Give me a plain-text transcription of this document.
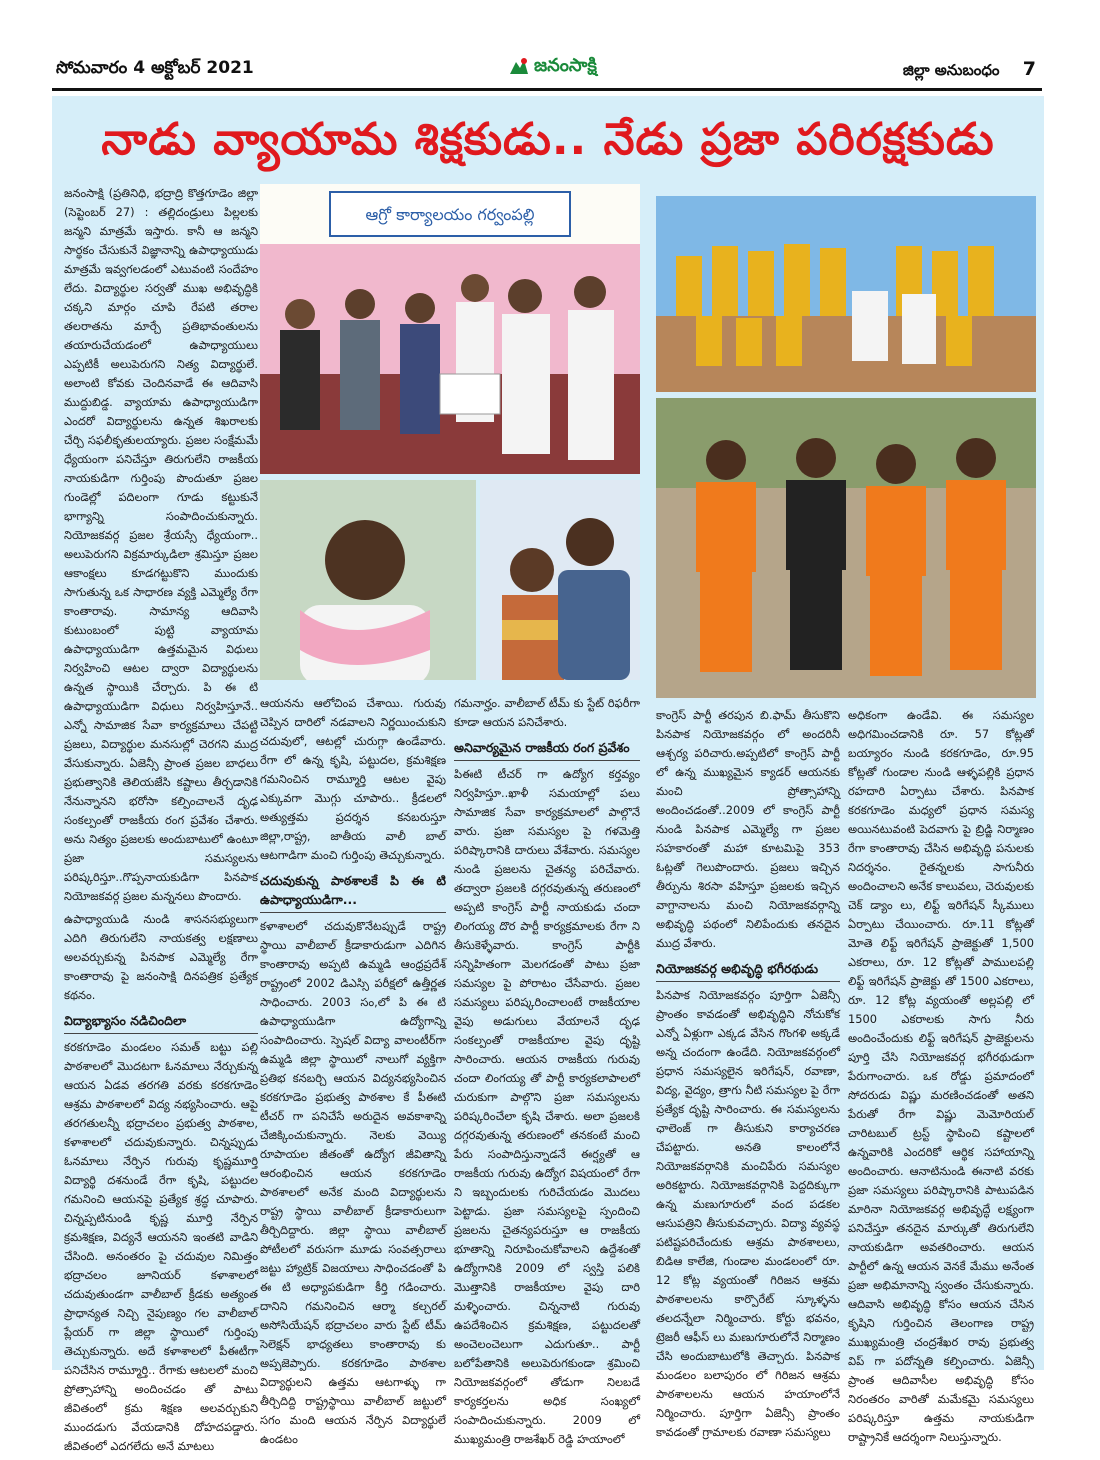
సోమవారం 4 అక్టోబర్ 2021	జనంసాక్షి	జిల్లా అనుబంధం 7
నాడు వ్యాయామ శిక్షకుడు.. నేడు ప్రజా పరిరక్షకుడు

జనంసాక్షి (ప్రతినిధి, భద్రాద్రి కొత్తగూడెం జిల్లా (సెప్టెంబర్ 27) : తల్లిదండ్రులు పిల్లలకు జన్మని మాత్రమే ఇస్తారు. కానీ ఆ జన్మని సార్థకం చేసుకునే విజ్ఞానాన్ని ఉపాధ్యాయుడు మాత్రమే ఇవ్వగలడంలో ఎటువంటి సందేహం లేదు. విద్యార్థుల సర్వతో ముఖ అభివృద్ధికి చక్కని మార్గం చూపి రేపటి తరాల తలరాతను మార్చే ప్రతిభావంతులను తయారుచేయడంలో ఉపాధ్యాయులు ఎప్పటికీ అలుపెరుగని నిత్య విద్యార్థులే. అలాంటి కోవకు చెందినవాడే ఈ ఆదివాసి ముద్దుబిడ్డ. వ్యాయామ ఉపాధ్యాయుడిగా ఎందరో విద్యార్థులను ఉన్నత శిఖరాలకు చేర్చి సఫలీకృతులయ్యారు. ప్రజల సంక్షేమమే ధ్యేయంగా పనిచేస్తూ తిరుగులేని రాజకీయ నాయకుడిగా గుర్తింపు పొందుతూ ప్రజల గుండెల్లో పదిలంగా గూడు కట్టుకునే భాగ్యాన్ని సంపాదించుకున్నారు. నియోజకవర్గ ప్రజల శ్రేయస్సే ధ్యేయంగా.. అలుపెరుగని విక్రమార్కుడిలా శ్రమిస్తూ ప్రజల ఆకాంక్షలు కూడగట్టుకొని ముందుకు సాగుతున్న ఒక సాధారణ వ్యక్తి ఎమ్మెల్యే రేగా కాంతారావు. సామాన్య ఆదివాసి కుటుంబంలో పుట్టి వ్యాయామ ఉపాధ్యాయుడిగా ఉత్తమమైన విధులు నిర్వహించి ఆటల ద్వారా విద్యార్థులను ఉన్నత స్థాయికి చేర్చారు. పి ఈ టి ఉపాధ్యాయుడిగా విధులు నిర్వహిస్తూనే.. ఎన్నో సామాజిక సేవా కార్యక్రమాలు చేపట్టి ప్రజలు, విద్యార్థుల మనసుల్లో చెరగని ముద్ర వేసుకున్నారు. ఏజెన్సీ ప్రాంత ప్రజల బాధలు ప్రభుత్వానికి తెలియజేసి కష్టాలు తీర్చడానికి నేనున్నానని భరోసా కల్పించాలనే దృఢ సంకల్పంతో రాజకీయ రంగ ప్రవేశం చేశారు. అను నిత్యం ప్రజలకు అందుబాటులో ఉంటూ ప్రజా సమస్యలను పరిష్కరిస్తూ..గొప్పనాయకుడిగా పినపాక నియోజకవర్గ ప్రజల మన్ననలు పొందారు.

ఉపాధ్యాయుడి నుండి శాసనసభ్యులుగా ఎదిగి తిరుగులేని నాయకత్వ లక్షణాలు అలవర్చుకున్న పినపాక ఎమ్మెల్యే రేగా కాంతారావు పై జనంసాక్షి దినపత్రిక ప్రత్యేక కథనం.

విద్యాభ్యాసం నడిచిందిలా

కరకగూడెం మండలం సమత్ బట్టు పల్లి పాఠశాలలో మొదటగా ఓనమాలు నేర్చుకున్న ఆయన ఏడవ తరగతి వరకు కరకగూడెం ఆశ్రమ పాఠశాలలో విద్య నభ్యసించారు. ఆపై తరగతులన్నీ భద్రాచలం ప్రభుత్వ పాఠశాల, కళాశాలలో చదువుకున్నారు. చిన్నప్పుడు ఓనమాలు నేర్పిన గురువు కృష్ణమూర్తి విద్యార్థి దశనుండే రేగా కృషి, పట్టుదల గమనించి ఆయనపై ప్రత్యేక శ్రద్ధ చూపారు. చిన్నప్పటినుండి కృష్ణ మూర్తి నేర్పిన క్రమశిక్షణ, విద్యనే ఆయనని ఇంతటి వాడిని చేసింది. అనంతరం పై చదువుల నిమిత్తం భద్రాచలం జూనియర్ కళాశాలలో చదువుతుండగా వాలీబాల్ క్రీడకు అత్యంత ప్రాధాన్యత నిచ్చి నైపుణ్యం గల వాలీబాల్ ప్లేయర్ గా జిల్లా స్థాయిలో గుర్తింపు తెచ్చుకున్నారు. అదే కళాశాలలో పీఈటీగా పనిచేసిన రామ్మూర్తి.. రేగాకు ఆటలలో మంచి ప్రోత్సాహాన్ని అందించడం తో పాటు జీవితంలో క్రమ శిక్షణ అలవర్చుకుని ముందడుగు వేయడానికి దోహదపడ్డారు. జీవితంలో ఎదగలేదు అనే మాటలు

ఆగ్రో కార్యాలయం గర్వంపల్లి

ఆయనను ఆలోచింప చేశాయి. గురువు చెప్పిన దారిలో నడవాలని నిర్ణయించుకుని చదువులో, ఆటల్లో చురుగ్గా ఉండేవారు. రేగా లో ఉన్న కృషి, పట్టుదల, క్రమశిక్షణ గమనించిన రామ్మూర్తి ఆటల వైపు ఎక్కువగా మొగ్గు చూపారు.. క్రీడలలో అత్యుత్తమ ప్రదర్శన కనబరుస్తూ జిల్లా,రాష్ట్ర, జాతీయ వాలీ బాల్ ఆటగాడిగా మంచి గుర్తింపు తెచ్చుకున్నారు.

చదువుకున్న పాఠశాలకే పి ఈ టి ఉపాధ్యాయుడిగా...

కళాశాలలో చదువుకొనేటప్పుడే రాష్ట్ర స్థాయి వాలీబాల్ క్రీడాకారుడుగా ఎదిగిన కాంతారావు అప్పటి ఉమ్మడి ఆంధ్రప్రదేశ్ రాష్ట్రంలో 2002 డిఎస్సి పరీక్షలో ఉత్తీర్ణత సాధించారు. 2003 సం,లో పి ఈ టి ఉపాధ్యాయుడిగా ఉద్యోగాన్ని సంపాదించారు. స్పెషల్ విద్యా వాలంటీర్‌గా ఉమ్మడి జిల్లా స్థాయిలో నాలుగో వ్యక్తిగా ప్రతిభ కనబర్చి ఆయన విద్యనభ్యసించిన కరకగూడెం ప్రభుత్వ పాఠశాల కే పీఈటి టీచర్ గా పనిచేసే అరుదైన అవకాశాన్ని చేజిక్కించుకున్నారు. నెలకు వెయ్యి రూపాయల జీతంతో ఉద్యోగ జీవితాన్ని ఆరంభించిన ఆయన కరకగూడెం పాఠశాలలో అనేక మంది విద్యార్థులను రాష్ట్ర స్థాయి వాలీబాల్ క్రీడాకారులుగా తీర్చిదిద్దారు. జిల్లా స్థాయి వాలీబాల్ పోటీలలో వరుసగా మూడు సంవత్సరాలు జట్టు హ్యాట్రిక్ విజయాలు సాధించడంతో పి ఈ టి అధ్యాపకుడిగా కీర్తి గడించారు. దానిని గమనించిన ఆర్మా కల్చరల్ అసోసియేషన్ భద్రాచలం వారు స్టేట్ టీమ్ సెలెక్షన్ భాధ్యతలు కాంతారావు కు అప్పజెప్పారు. కరకగూడెం పాఠశాల విద్యార్థులని ఉత్తమ ఆటగాళ్ళు గా తీర్చిదిద్ది రాష్ట్రస్థాయి వాలీబాల్ జట్టులో సగం మంది ఆయన నేర్పిన విద్యార్థులే ఉండటం

గమనార్హం. వాలీబాల్ టీమ్ కు స్టేట్ రిఫరీగా కూడా ఆయన పనిచేశారు.

అనివార్యమైన రాజకీయ రంగ ప్రవేశం

పిఈటి టీచర్ గా ఉద్యోగ కర్తవ్యం నిర్వహిస్తూ..ఖాళీ సమయాల్లో పలు సామాజిక సేవా కార్యక్రమాలలో పాల్గొనే వారు. ప్రజా సమస్యల పై గళమెత్తి పరిష్కారానికి దారులు వేశేవారు. సమస్యల నుండి ప్రజలను చైతన్య పరిచేవారు. తద్వారా ప్రజలకి దగ్గరవుతున్న తరుణంలో అప్పటి కాంగ్రెస్ పార్టీ నాయకుడు చందా లింగయ్య దొర పార్టీ కార్యక్రమాలకు రేగా ని తీసుకెళ్ళేవారు. కాంగ్రెస్ పార్టీకి సన్నిహితంగా మెలగడంతో పాటు ప్రజా సమస్యల పై పోరాటం చేసేవారు. ప్రజల సమస్యలు పరిష్కరించాలంటే రాజకీయాల వైపు అడుగులు వేయాలనే దృఢ సంకల్పంతో రాజకీయాల వైపు దృష్టి సారించారు. ఆయన రాజకీయ గురువు చందా లింగయ్య తో పార్టీ కార్యకలాపాలలో చురుకుగా పాల్గొని ప్రజా సమస్యలను పరిష్కరించేలా కృషి చేశారు. అలా ప్రజలకి దగ్గరవుతున్న తరుణంలో తనకంటే మంచి పేరు సంపాదిస్తున్నాడనే ఈర్ష్యతో ఆ రాజకీయ గురువు ఉద్యోగ విషయంలో రేగా ని ఇబ్బందులకు గురిచేయడం మొదలు పెట్టాడు. ప్రజా సమస్యలపై స్పందించి ప్రజలను చైతన్యపరుస్తూ ఆ రాజకీయ భూతాన్ని నిరూపించుకోవాలని ఉద్దేశంతో ఉద్యోగానికి 2009 లో స్వస్తి పలికి మొత్తానికి రాజకీయాల వైపు దారి మళ్ళించారు. చిన్ననాటి గురువు ఉపదేశించిన క్రమశిక్షణ, పట్టుదలతో అంచెలంచెలుగా ఎదుగుతూ.. పార్టీ బలోపేతానికి అలుపెరుగకుండా శ్రమించి నియోజకవర్గంలో తోడుగా నిలబడే కార్యకర్తలను అధిక సంఖ్యలో సంపాదించుకున్నారు. 2009 లో ముఖ్యమంత్రి రాజశేఖర్ రెడ్డి హయాంలో

కాంగ్రెస్ పార్టీ తరపున బి.ఫామ్ తీసుకొని పినపాక నియోజకవర్గం లో అందరినీ ఆశ్చర్య పరిచారు.అప్పటిలో కాంగ్రెస్ పార్టీ లో ఉన్న ముఖ్యమైన క్యాడర్ ఆయనకు మంచి ప్రోత్సాహాన్ని అందించడంతో..2009 లో కాంగ్రెస్ పార్టీ నుండి పినపాక ఎమ్మెల్యే గా ప్రజల సహకారంతో మహా కూటమిపై 353 ఓట్లతో గెలుపొందారు. ప్రజలు ఇచ్చిన తీర్పును శిరసా వహిస్తూ ప్రజలకు ఇచ్చిన వాగ్దానాలను మంచి నియోజకవర్గాన్ని అభివృద్ధి పథంలో నిలిపేందుకు తనదైన ముద్ర వేశారు.

నియోజకవర్గ అభివృద్ధి భగీరథుడు

పినపాక నియోజకవర్గం పూర్తిగా ఏజెన్సీ ప్రాంతం కావడంతో అభివృద్ధిని నోచుకోక ఎన్నో ఏళ్లుగా ఎక్కడ వేసిన గొంగళి అక్కడే అన్న చందంగా ఉండేది. నియోజకవర్గంలో ప్రధాన సమస్యలైన ఇరిగేషన్, రవాణా, విద్య, వైద్యం, త్రాగు నీటి సమస్యల పై రేగా ప్రత్యేక దృష్టి సారించారు. ఈ సమస్యలను ఛాలెంజ్ గా తీసుకుని కార్యాచరణ చేపట్టారు. అనతి కాలంలోనే నియోజకవర్గానికి మంచిపేరు సమస్యల అరికట్టారు. నియోజకవర్గానికి పెద్దదిక్కుగా ఉన్న మణుగూరులో వంద పడకల ఆసుపత్రిని తీసుకువచ్చారు. విద్యా వ్యవస్థ పటిష్టపరిచేందుకు ఆశ్రమ పాఠశాలలు, బిడిఆ కాలేజి, గుండాల మండలంలో రూ. 12 కోట్ల వ్యయంతో గిరిజన ఆశ్రమ పాఠశాలలను కార్పొరేట్ స్కూళ్ళను తలదన్నేలా నిర్మించారు. కోర్టు భవనం, ట్రెజరీ ఆఫీస్ లు మణుగూరులోనే నిర్మాణం చేసి అందుబాటులోకి తెచ్చారు. పినపాక మండలం బలాపురం లో గిరిజన ఆశ్రమ పాఠశాలలను ఆయన హయాంలోనే నిర్మించారు. పూర్తిగా ఏజెన్సీ ప్రాంతం కావడంతో గ్రామాలకు రవాణా సమస్యలు

అధికంగా ఉండేవి. ఈ సమస్యల అధిగమించడానికి రూ. 57 కోట్లతో బయ్యారం నుండి కరకగూడెం, రూ.95 కోట్లతో గుండాల నుండి ఆళ్ళపల్లికి ప్రధాన రహదారి ఏర్పాటు చేశారు. పినపాక కరకగూడెం మధ్యలో ప్రధాన సమస్య అయినటువంటి పెదవాగు పై బ్రిడ్జి నిర్మాణం రేగా కాంతారావు చేసిన అభివృద్ధి పనులకు నిదర్శనం. రైతన్నలకు సాగునీరు అందించాలని అనేక కాలువలు, చెరువులకు చెక్ డ్యాం లు, లిఫ్ట్ ఇరిగేషన్ స్కీములు ఏర్పాటు చేయించారు. రూ.11 కోట్లతో మోతె లిఫ్ట్ ఇరిగేషన్ ప్రాజెక్టుతో 1,500 ఎకరాలు, రూ. 12 కోట్లతో పాములపల్లి లిఫ్ట్ ఇరిగేషన్ ప్రాజెక్టు తో 1500 ఎకరాలు, రూ. 12 కోట్ల వ్యయంతో అల్లపల్లి లో 1500 ఎకరాలకు సాగు నీరు అందించేందుకు లిఫ్ట్ ఇరిగేషన్ ప్రాజెక్టులను పూర్తి చేసి నియోజకవర్గ భగీరథుడుగా పేరుగాంచారు. ఒక రోడ్డు ప్రమాదంలో సోదరుడు విష్ణు మరణించడంతో అతని పేరుతో రేగా విష్ణు మెమోరియల్ చారిటబుల్ ట్రస్ట్ స్థాపించి కష్టాలలో ఉన్నవారికి ఎందరికో ఆర్థిక సహాయాన్ని అందించారు. ఆనాటినుండి ఈనాటి వరకు ప్రజా సమస్యలు పరిష్కారానికి పాటుపడిన మారినా నియోజకవర్గ అభివృద్ధే లక్ష్యంగా పనిచేస్తూ తనదైన మార్కుతో తిరుగులేని నాయకుడిగా అవతరించారు. ఆయన పార్టీలో ఉన్న ఆయన వెనకే మేము అనేంత ప్రజా అభిమానాన్ని స్వంతం చేసుకున్నారు. ఆదివాసి అభివృద్ధి కోసం ఆయన చేసిన కృషిని గుర్తించిన తెలంగాణ రాష్ట్ర ముఖ్యమంత్రి చంద్రశేఖర రావు ప్రభుత్వ విప్ గా పదోన్నతి కల్పించారు. ఏజెన్సీ ప్రాంత ఆదివాసీల అభివృద్ధి కోసం నిరంతరం వారితో మమేకమై సమస్యలు పరిష్కరిస్తూ ఉత్తమ నాయకుడిగా రాష్ట్రానికే ఆదర్శంగా నిలుస్తున్నారు.
